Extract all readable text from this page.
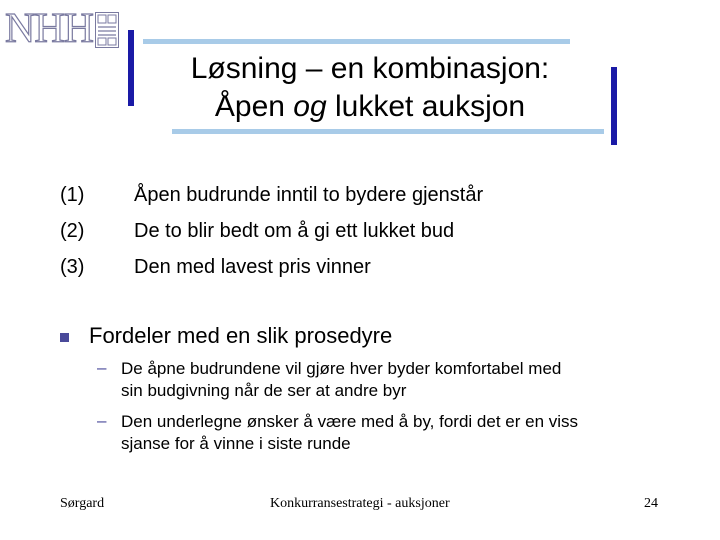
NHH
Løsning – en kombinasjon:
Åpen og lukket auksjon
(1) Åpen budrunde inntil to bydere gjenstår
(2) De to blir bedt om å gi ett lukket bud
(3) Den med lavest pris vinner
Fordeler med en slik prosedyre
– De åpne budrundene vil gjøre hver byder komfortabel med
sin budgivning når de ser at andre byr
– Den underlegne ønsker å være med å by, fordi det er en viss
sjanse for å vinne i siste runde
Sørgard	Konkurransestrategi - auksjoner	24
